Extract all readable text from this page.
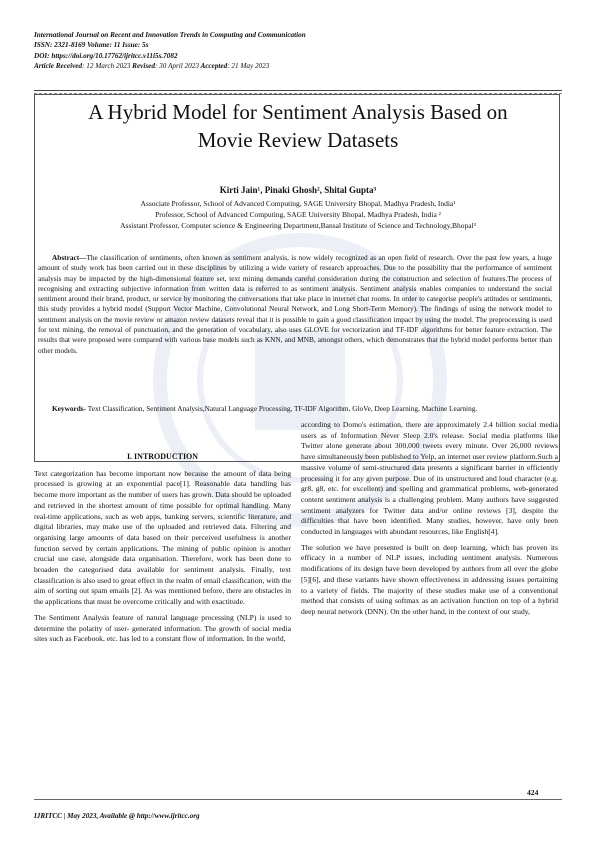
International Journal on Recent and Innovation Trends in Computing and Communication
ISSN: 2321-8169 Volume: 11 Issue: 5s
DOI: https://doi.org/10.17762/ijritcc.v11i5s.7082
Article Received: 12 March 2023 Revised: 30 April 2023 Accepted: 21 May 2023
A Hybrid Model for Sentiment Analysis Based on
Movie Review Datasets
Kirti Jain¹, Pinaki Ghosh², Shital Gupta³
Associate Professor, School of Advanced Computing, SAGE University Bhopal, Madhya Pradesh, India¹
Professor, School of Advanced Computing, SAGE University Bhopal, Madhya Pradesh, India ²
Assistant Professor, Computer science & Engineering Department,Bansal Institute of Science and Technology,Bhopal³
Abstract—The classification of sentiments, often known as sentiment analysis, is now widely recognized as an open field of research. Over the past few years, a huge amount of study work has been carried out in these disciplines by utilizing a wide variety of research approaches. Due to the possibility that the performance of sentiment analysis may be impacted by the high-dimensional feature set, text mining demands careful consideration during the construction and selection of features.The process of recognising and extracting subjective information from written data is referred to as sentiment analysis. Sentiment analysis enables companies to understand the social sentiment around their brand, product, or service by monitoring the conversations that take place in internet chat rooms. In order to categorise people's attitudes or sentiments, this study provides a hybrid model (Support Vector Machine, Convolutional Neural Network, and Long Short-Term Memory). The findings of using the network model to sentiment analysis on the movie review or amazon review datasets reveal that it is possible to gain a good classification impact by using the model. The preprocessing is used for text mining, the removal of punctuation, and the generation of vocabulary, also uses GLOVE for vectorization and TF-IDF algorithms for better feature extraction. The results that were proposed were compared with various base models such as KNN, and MNB, amongst others, which demonstrates that the hybrid model performs better than other models.
Keywords- Text Classification, Sentiment Analysis,Natural Language Processing, TF-IDF Algorithm, GloVe, Deep Learning, Machine Learning.

I. INTRODUCTION

Text categorization has become important now because the amount of data being processed is growing at an exponential pace[1]. Reasonable data handling has become more important as the number of users has grown. Data should be uploaded and retrieved in the shortest amount of time possible for optimal handling. Many real-time applications, such as web apps, banking servers, scientific literature, and digital libraries, may make use of the uploaded and retrieved data. Filtering and organising large amounts of data based on their perceived usefulness is another function served by certain applications. The mining of public opinion is another crucial use case, alongside data organisation. Therefore, work has been done to broaden the categorised data available for sentiment analysis. Finally, text classification is also used to great effect in the realm of email classification, with the aim of sorting out spam emails [2]. As was mentioned before, there are obstacles in the applications that must be overcome critically and with exactitude.

The Sentiment Analysis feature of natural language processing (NLP) is used to determine the polarity of user- generated information. The growth of social media sites such as Facebook, etc. has led to a constant flow of information. In the world,

according to Domo's estimation, there are approximately 2.4 billion social media users as of Information Never Sleep 2.0's release. Social media platforms like Twitter alone generate about 300,000 tweets every minute. Over 26,000 reviews have simultaneously been published to Yelp, an internet user review platform.Such a massive volume of semi-structured data presents a significant barrier in efficiently processing it for any given purpose. Due of its unstructured and loud character (e.g. gr8, g8, etc. for excellent) and spelling and grammatical problems, web-generated content sentiment analysis is a challenging problem. Many authors have suggested sentiment analyzers for Twitter data and/or online reviews [3], despite the difficulties that have been identified. Many studies, however, have only been conducted in languages with abundant resources, like English[4].

The solution we have presented is built on deep learning, which has proven its efficacy in a number of NLP issues, including sentiment analysis. Numerous modifications of its design have been developed by authors from all over the globe [5][6], and these variants have shown effectiveness in addressing issues pertaining to a variety of fields. The majority of these studies make use of a conventional method that consists of using softmax as an activation function on top of a hybrid deep neural network (DNN). On the other hand, in the context of our study,

424
IJRITCC | May 2023, Available @ http://www.ijritcc.org
